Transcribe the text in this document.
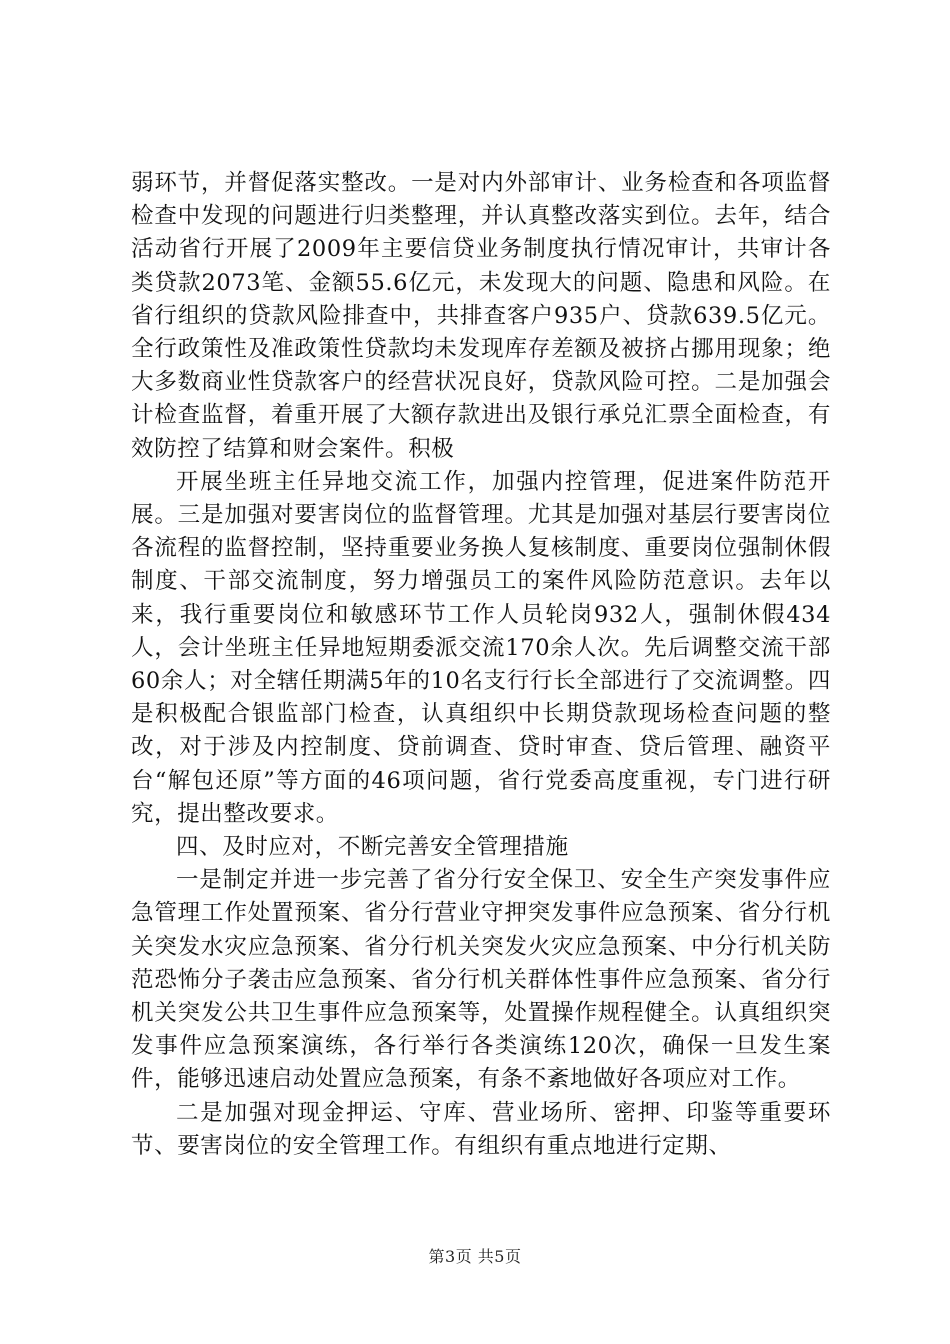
弱环节，并督促落实整改。一是对内外部审计、业务检查和各项监督检查中发现的问题进行归类整理，并认真整改落实到位。去年，结合活动省行开展了2009年主要信贷业务制度执行情况审计，共审计各类贷款2073笔、金额55.6亿元，未发现大的问题、隐患和风险。在省行组织的贷款风险排查中，共排查客户935户、贷款639.5亿元。全行政策性及准政策性贷款均未发现库存差额及被挤占挪用现象；绝大多数商业性贷款客户的经营状况良好，贷款风险可控。二是加强会计检查监督，着重开展了大额存款进出及银行承兑汇票全面检查，有效防控了结算和财会案件。积极

开展坐班主任异地交流工作，加强内控管理，促进案件防范开展。三是加强对要害岗位的监督管理。尤其是加强对基层行要害岗位各流程的监督控制，坚持重要业务换人复核制度、重要岗位强制休假制度、干部交流制度，努力增强员工的案件风险防范意识。去年以来，我行重要岗位和敏感环节工作人员轮岗932人，强制休假434人，会计坐班主任异地短期委派交流170余人次。先后调整交流干部60余人；对全辖任期满5年的10名支行行长全部进行了交流调整。四是积极配合银监部门检查，认真组织中长期贷款现场检查问题的整改，对于涉及内控制度、贷前调查、贷时审查、贷后管理、融资平台“解包还原”等方面的46项问题，省行党委高度重视，专门进行研究，提出整改要求。

四、及时应对，不断完善安全管理措施

一是制定并进一步完善了省分行安全保卫、安全生产突发事件应急管理工作处置预案、省分行营业守押突发事件应急预案、省分行机关突发水灾应急预案、省分行机关突发火灾应急预案、中分行机关防范恐怖分子袭击应急预案、省分行机关群体性事件应急预案、省分行机关突发公共卫生事件应急预案等，处置操作规程健全。认真组织突发事件应急预案演练，各行举行各类演练120次，确保一旦发生案件，能够迅速启动处置应急预案，有条不紊地做好各项应对工作。

二是加强对现金押运、守库、营业场所、密押、印鉴等重要环节、要害岗位的安全管理工作。有组织有重点地进行定期、

第3页 共5页
